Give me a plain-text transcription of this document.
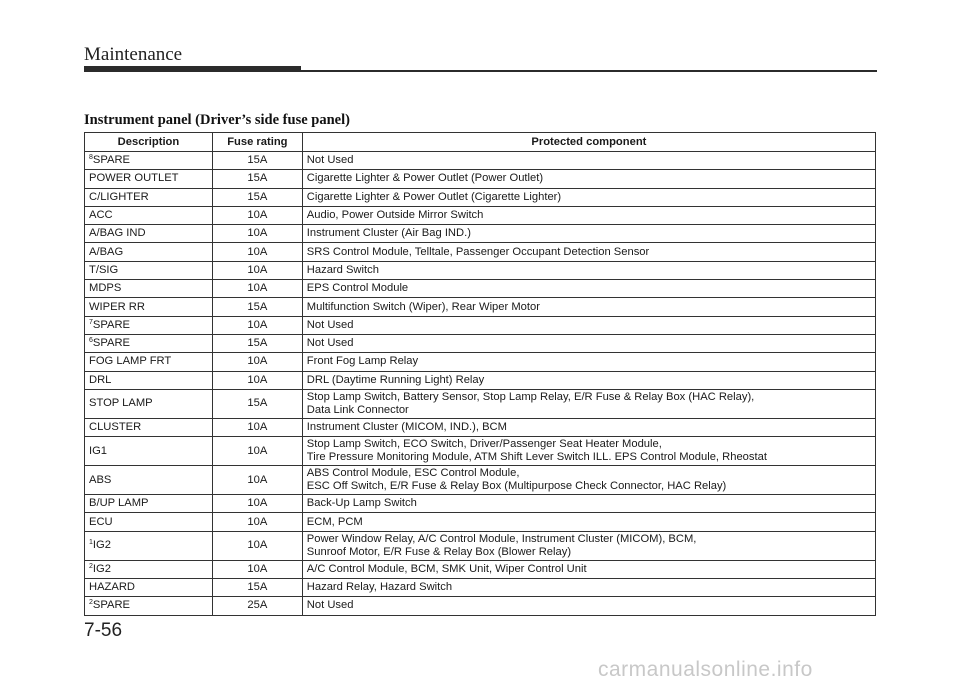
Maintenance
Instrument panel (Driver’s side fuse panel)
Description	Fuse rating	Protected component
$^8$SPARE	15A	Not Used
POWER OUTLET	15A	Cigarette Lighter & Power Outlet (Power Outlet)
C/LIGHTER	15A	Cigarette Lighter & Power Outlet (Cigarette Lighter)
ACC	10A	Audio, Power Outside Mirror Switch
A/BAG IND	10A	Instrument Cluster (Air Bag IND.)
A/BAG	10A	SRS Control Module, Telltale, Passenger Occupant Detection Sensor
T/SIG	10A	Hazard Switch
MDPS	10A	EPS Control Module
WIPER RR	15A	Multifunction Switch (Wiper), Rear Wiper Motor
$^7$SPARE	10A	Not Used
$^6$SPARE	15A	Not Used
FOG LAMP FRT	10A	Front Fog Lamp Relay
DRL	10A	DRL (Daytime Running Light) Relay
STOP LAMP	15A	Stop Lamp Switch, Battery Sensor, Stop Lamp Relay, E/R Fuse & Relay Box (HAC Relay),
Data Link Connector
CLUSTER	10A	Instrument Cluster (MICOM, IND.), BCM
IG1	10A	Stop Lamp Switch, ECO Switch, Driver/Passenger Seat Heater Module,
Tire Pressure Monitoring Module, ATM Shift Lever Switch ILL. EPS Control Module, Rheostat
ABS	10A	ABS Control Module, ESC Control Module,
ESC Off Switch, E/R Fuse & Relay Box (Multipurpose Check Connector, HAC Relay)
B/UP LAMP	10A	Back-Up Lamp Switch
ECU	10A	ECM, PCM
$^1$IG2	10A	Power Window Relay, A/C Control Module, Instrument Cluster (MICOM), BCM,
Sunroof Motor, E/R Fuse & Relay Box (Blower Relay)
$^2$IG2	10A	A/C Control Module, BCM, SMK Unit, Wiper Control Unit
HAZARD	15A	Hazard Relay, Hazard Switch
$^2$SPARE	25A	Not Used
7-56
carmanualsonline.info
